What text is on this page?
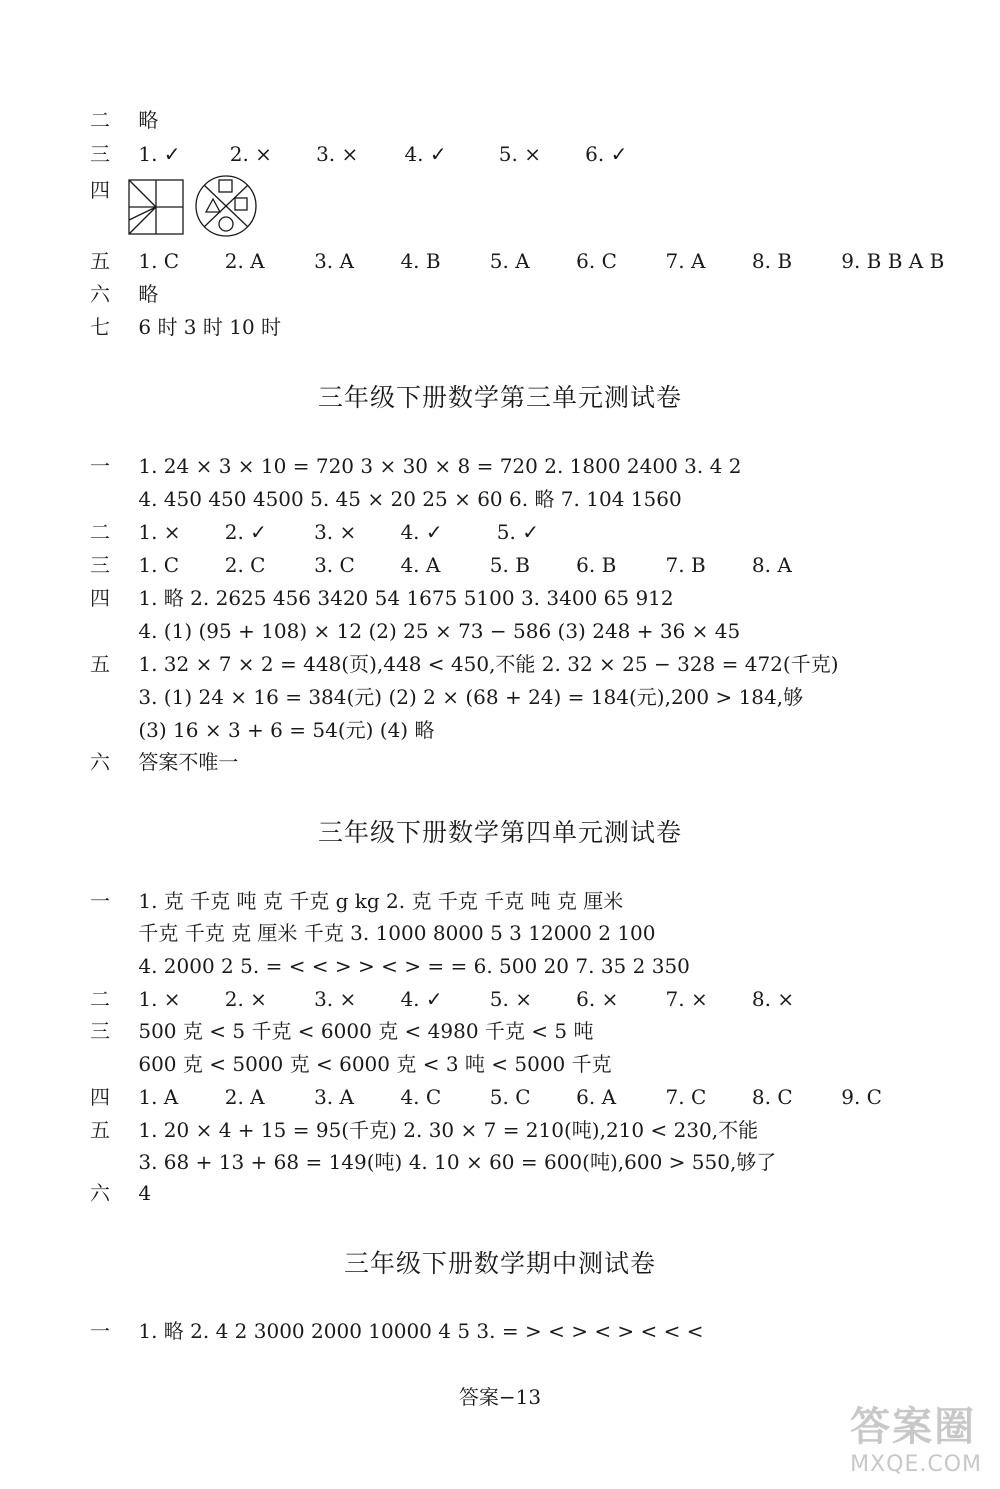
二 略
三 1. ✓ 2. × 3. × 4. ✓	5. × 6. ✓
四
五 1. C 2. A 3. A 4. B 5. A 6. C 7. A 8. B 9. B B A B
六 略
七 6 时 3 时 10 时
三年级下册数学第三单元测试卷
一 1. 24 × 3 × 10 = 720 3 × 30 × 8 = 720 2. 1800 2400 3. 4 2
4. 450 450 4500 5. 45 × 20 25 × 60 6. 略 7. 104 1560
二 1. × 2. ✓ 3. × 4. ✓	5. ✓
三 1. C 2. C 3. C 4. A 5. B 6. B 7. B 8. A
四 1. 略 2. 2625 456 3420 54 1675 5100 3. 3400 65 912
4. (1) (95 + 108) × 12 (2) 25 × 73 − 586 (3) 248 + 36 × 45
五 1. 32 × 7 × 2 = 448(页),448 < 450,不能 2. 32 × 25 − 328 = 472(千克)
3. (1) 24 × 16 = 384(元) (2) 2 × (68 + 24) = 184(元),200 > 184,够
(3) 16 × 3 + 6 = 54(元) (4) 略
六 答案不唯一
三年级下册数学第四单元测试卷
一 1. 克 千克 吨 克 千克 g kg 2. 克 千克 千克 吨 克 厘米
千克 千克 克 厘米 千克 3. 1000 8000 5 3 12000 2 100
4. 2000 2 5. = < < > > < > = = 6. 500 20 7. 35 2 350
二 1. × 2. × 3. × 4. ✓ 5. × 6. × 7. × 8. ×
三 500 克 < 5 千克 < 6000 克 < 4980 千克 < 5 吨
600 克 < 5000 克 < 6000 克 < 3 吨 < 5000 千克
四 1. A 2. A 3. A 4. C 5. C 6. A 7. C 8. C 9. C
五 1. 20 × 4 + 15 = 95(千克) 2. 30 × 7 = 210(吨),210 < 230,不能
3. 68 + 13 + 68 = 149(吨) 4. 10 × 60 = 600(吨),600 > 550,够了
六 4
三年级下册数学期中测试卷
一 1. 略 2. 4 2 3000 2000 10000 4 5 3. = > < > < > < < <
答案−13
答案圈
MXQE.COM
